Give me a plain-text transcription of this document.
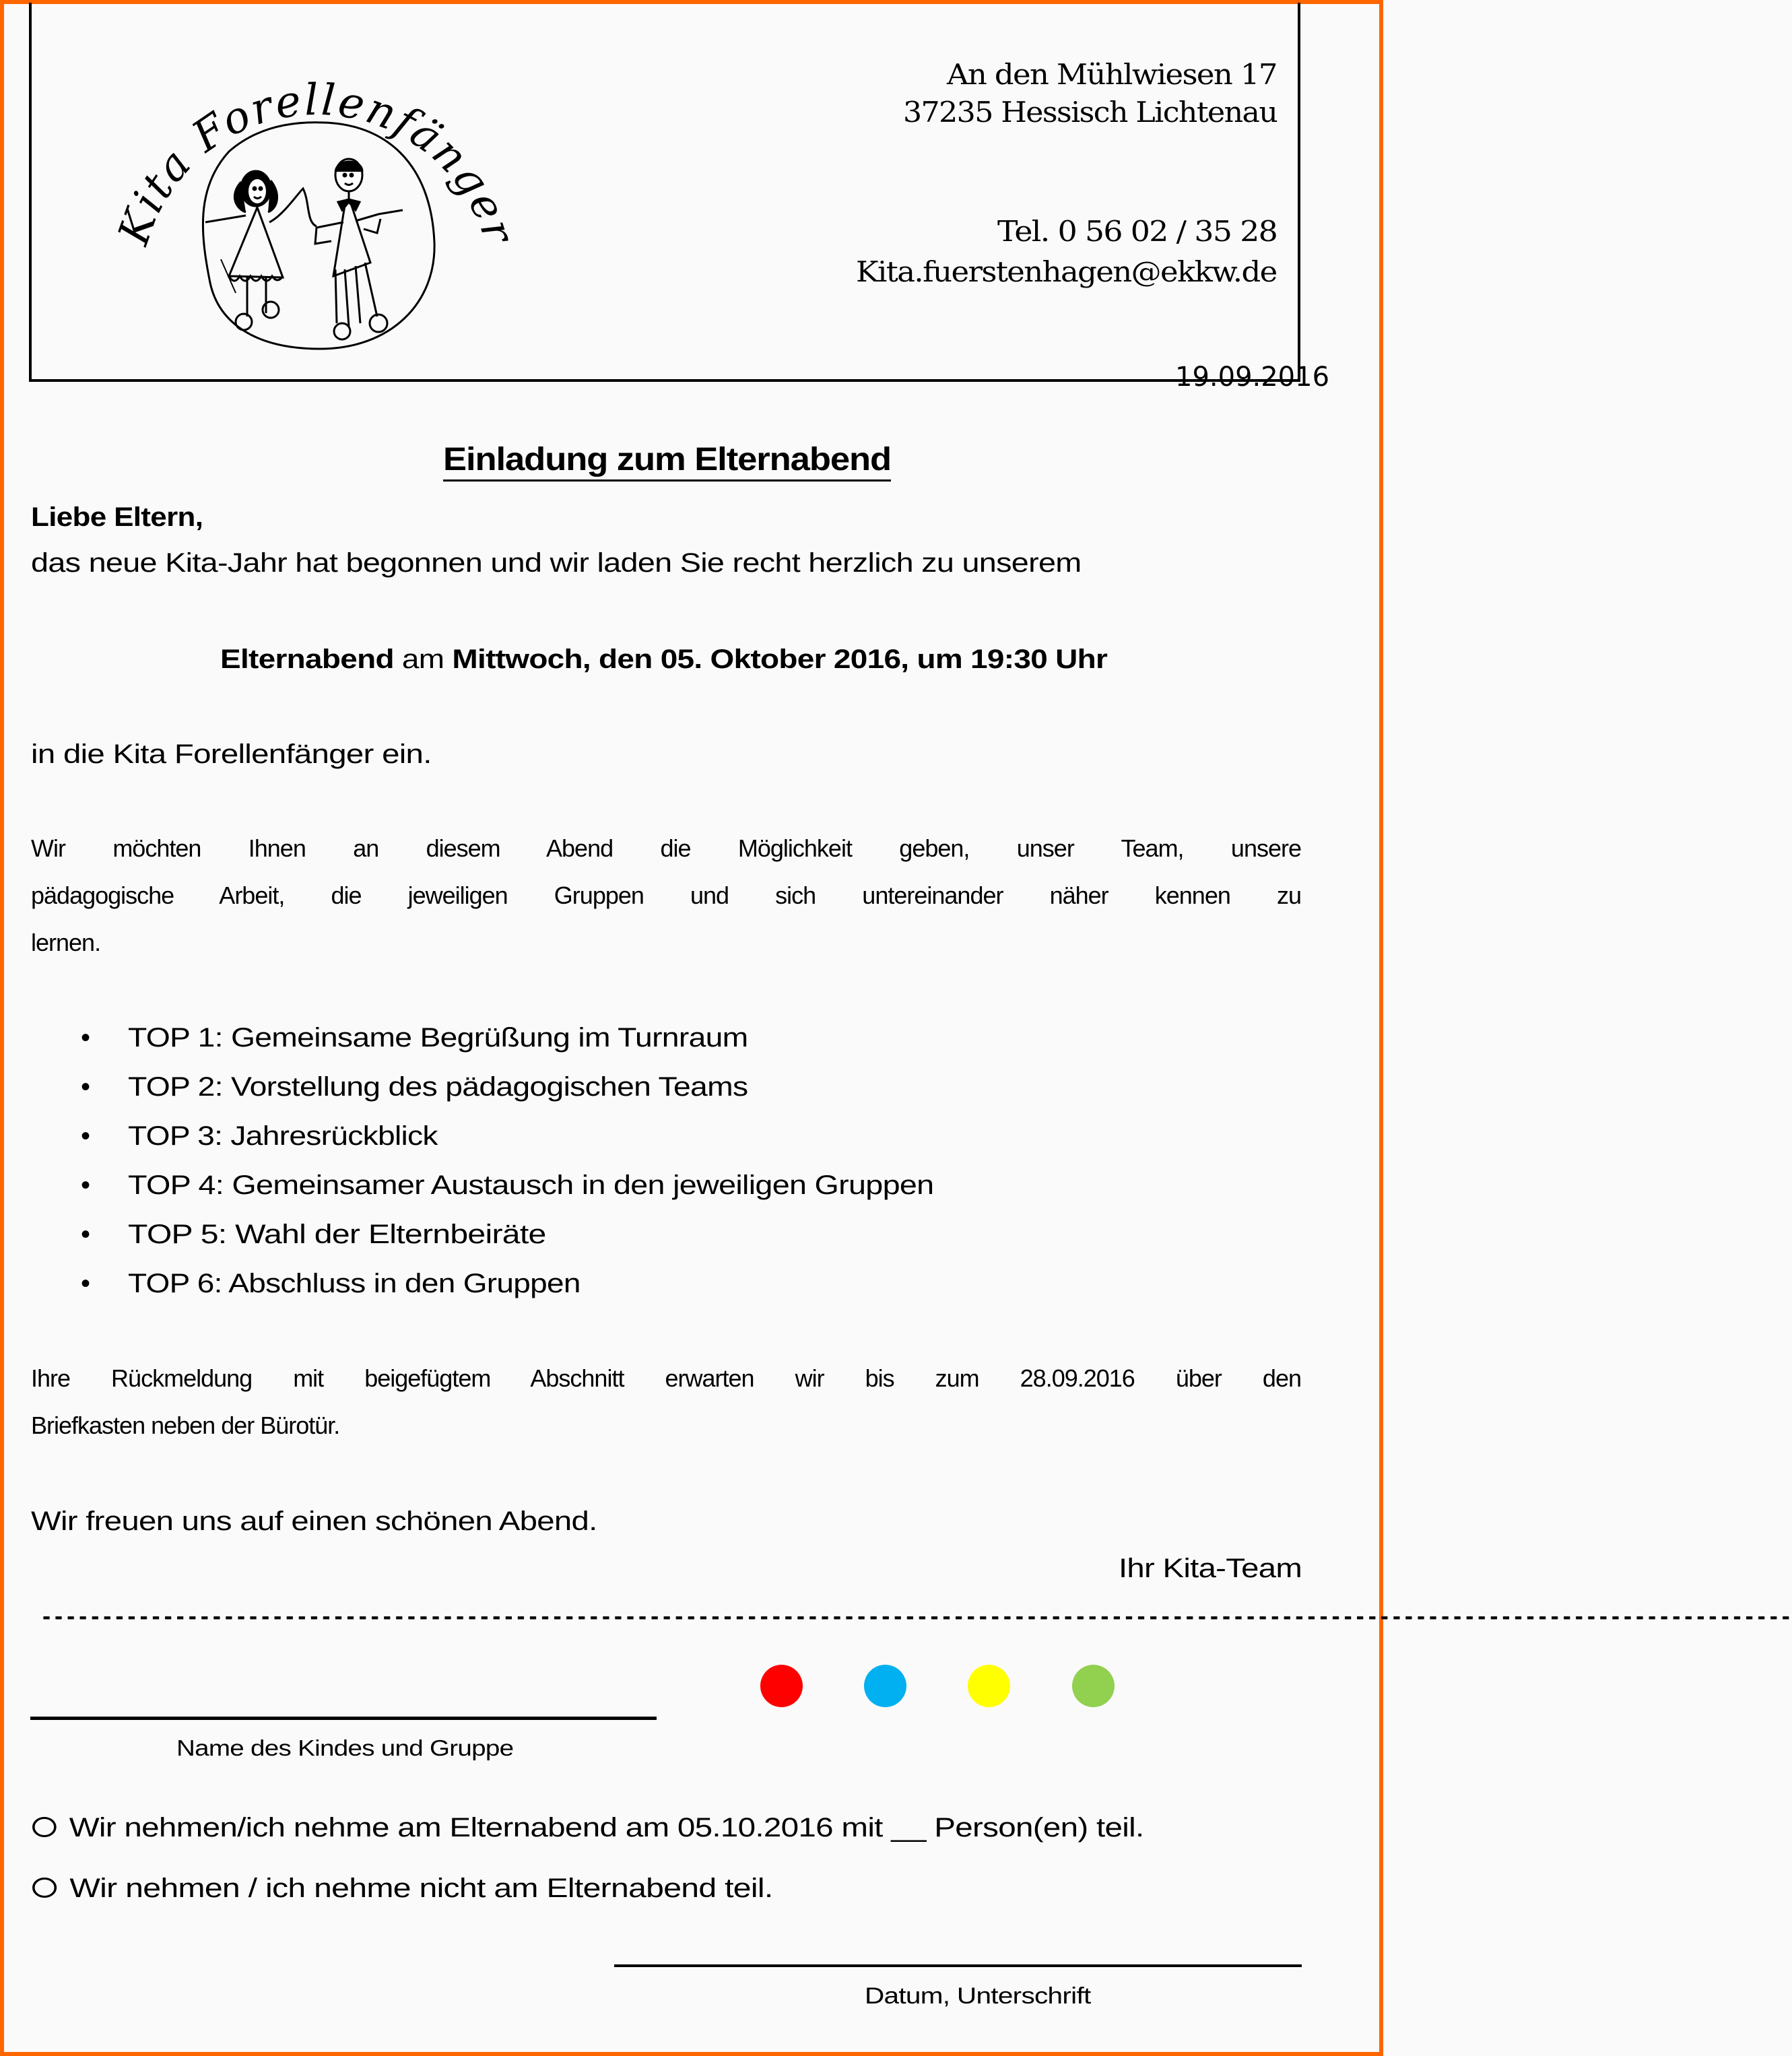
19.09.2016
Kita Forellenfänge
An den Mühlwiesen 17
37235 Hessisch Lichtenau
Tel. 0 56 02 / 35 28
Kita.fuerstenhagen@ekkw.de
Einladung zum Elternabend
Liebe Eltern,
das neue Kita-Jahr hat begonnen und wir laden Sie recht herzlich zu unserem
Elternabend am Mittwoch, den 05. Oktober 2016, um 19:30 Uhr
in die Kita Forellenfänger ein.
Wir möchten Ihnen an diesem Abend die Möglichkeit geben, unser Team, unsere
pädagogische Arbeit, die jeweiligen Gruppen und sich untereinander näher kennen zu
lernen.
• TOP 1: Gemeinsame Begrüßung im Turnraum
• TOP 2: Vorstellung des pädagogischen Teams
• TOP 3: Jahresrückblick
• TOP 4: Gemeinsamer Austausch in den jeweiligen Gruppen
• TOP 5: Wahl der Elternbeiräte
• TOP 6: Abschluss in den Gruppen
Ihre Rückmeldung mit beigefügtem Abschnitt erwarten wir bis zum 28.09.2016 über den
Briefkasten neben der Bürotür.
Wir freuen uns auf einen schönen Abend.
Ihr Kita-Team
------------------------------------------------------------------------------------------------------------------------------------------------
Name des Kindes und Gruppe
Wir nehmen/ich nehme am Elternabend am 05.10.2016 mit __ Person(en) teil.
Wir nehmen / ich nehme nicht am Elternabend teil.
Datum, Unterschrift
